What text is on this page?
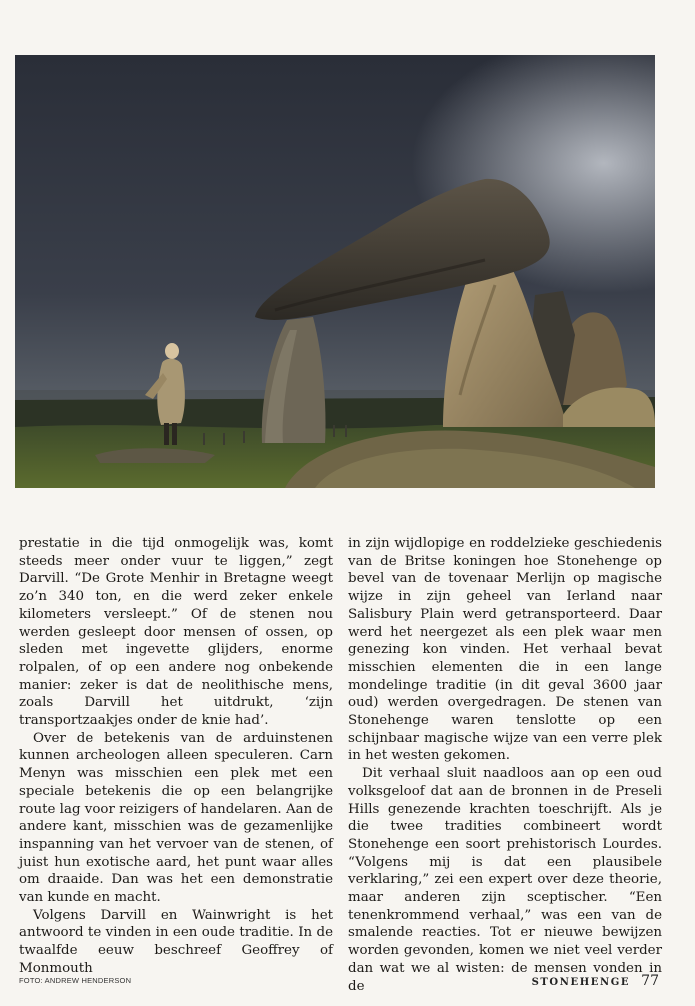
prestatie in die tijd onmogelijk was, komt steeds meer onder vuur te liggen,” zegt Darvill. “De Grote Menhir in Bretagne weegt zo’n 340 ton, en die werd zeker enkele kilometers versleept.” Of de stenen nou werden gesleept door mensen of ossen, op sleden met ingevette glijders, enorme rolpalen, of op een andere nog onbekende manier: zeker is dat de neolithische mens, zoals Darvill het uitdrukt, ‘zijn transportzaakjes onder de knie had’.

Over de betekenis van de arduinstenen kunnen archeologen alleen speculeren. Carn Menyn was misschien een plek met een speciale betekenis die op een belangrijke route lag voor reizigers of handelaren. Aan de andere kant, misschien was de gezamenlijke inspanning van het vervoer van de stenen, of juist hun exotische aard, het punt waar alles om draaide. Dan was het een demonstratie van kunde en macht.

Volgens Darvill en Wainwright is het antwoord te vinden in een oude traditie. In de twaalfde eeuw beschreef Geoffrey of Monmouth

in zijn wijdlopige en roddelzieke geschiedenis van de Britse koningen hoe Stonehenge op bevel van de tovenaar Merlijn op magische wijze in zijn geheel van Ierland naar Salisbury Plain werd getransporteerd. Daar werd het neergezet als een plek waar men genezing kon vinden. Het verhaal bevat misschien elementen die in een lange mondelinge traditie (in dit geval 3600 jaar oud) werden overgedragen. De stenen van Stonehenge waren tenslotte op een schijnbaar magische wijze van een verre plek in het westen gekomen.

Dit verhaal sluit naadloos aan op een oud volksgeloof dat aan de bronnen in de Preseli Hills genezende krachten toeschrijft. Als je die twee tradities combineert wordt Stonehenge een soort prehistorisch Lourdes. “Volgens mij is dat een plausibele verklaring,” zei een expert over deze theorie, maar anderen zijn sceptischer. “Een tenenkrommend verhaal,” was een van de smalende reacties. Tot er nieuwe bewijzen worden gevonden, komen we niet veel verder dan wat we al wisten: de mensen vonden in de

FOTO: ANDREW HENDERSON	STONEHENGE 77
